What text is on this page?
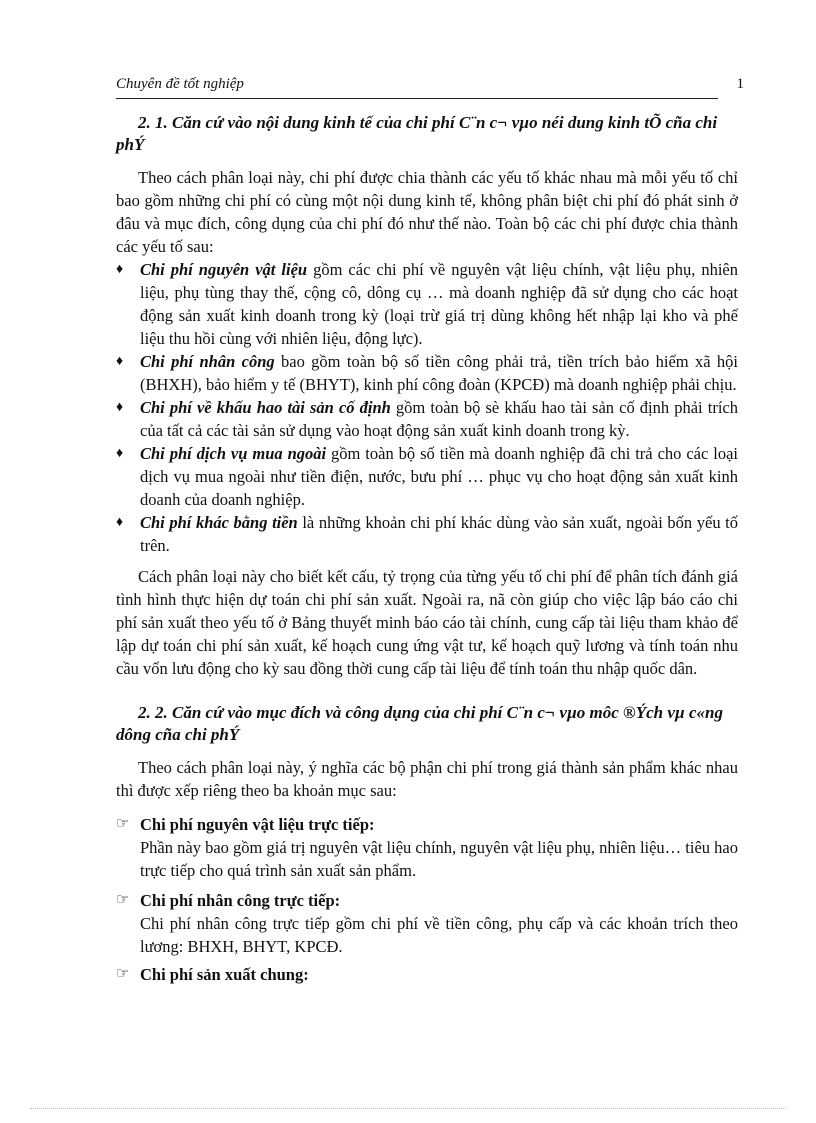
Chuyên đề tốt nghiệp	1

2. 1. Căn cứ vào nội dung kinh tế của chi phí C¨n c¬ vµo néi dung kinh tÕ cña chi phÝ

Theo cách phân loại này, chi phí được chia thành các yếu tố khác nhau mà mỗi yếu tố chỉ bao gồm những chi phí có cùng một nội dung kinh tế, không phân biệt chi phí đó phát sinh ở đâu và mục đích, công dụng của chi phí đó như thế nào. Toàn bộ các chi phí được chia thành các yếu tố sau:

♦ Chi phí nguyên vật liệu gồm các chi phí về nguyên vật liệu chính, vật liệu phụ, nhiên liệu, phụ tùng thay thế, cộng cô, dông cụ … mà doanh nghiệp đã sử dụng cho các hoạt động sản xuất kinh doanh trong kỳ (loại trừ giá trị dùng không hết nhập lại kho và phế liệu thu hồi cùng với nhiên liệu, động lực).

♦ Chi phí nhân công bao gồm toàn bộ số tiền công phải trả, tiền trích bảo hiểm xã hội (BHXH), bảo hiểm y tế (BHYT), kinh phí công đoàn (KPCĐ) mà doanh nghiệp phải chịu.

♦ Chi phí về khấu hao tài sản cố định gồm toàn bộ sè khấu hao tài sản cố định phải trích của tất cả các tài sản sử dụng vào hoạt động sản xuất kinh doanh trong kỳ.

♦ Chi phí dịch vụ mua ngoài gồm toàn bộ số tiền mà doanh nghiệp đã chi trả cho các loại dịch vụ mua ngoài như tiền điện, nước, bưu phí … phục vụ cho hoạt động sản xuất kinh doanh của doanh nghiệp.

♦ Chi phí khác bằng tiền là những khoản chi phí khác dùng vào sản xuất, ngoài bốn yếu tố trên.

Cách phân loại này cho biết kết cấu, tỷ trọng của từng yếu tố chi phí để phân tích đánh giá tình hình thực hiện dự toán chi phí sản xuất. Ngoài ra, nã còn giúp cho việc lập báo cáo chi phí sản xuất theo yếu tố ở Bảng thuyết minh báo cáo tài chính, cung cấp tài liệu tham khảo để lập dự toán chi phí sản xuất, kế hoạch cung ứng vật tư, kế hoạch quỹ lương và tính toán nhu cầu vốn lưu động cho kỳ sau đồng thời cung cấp tài liệu để tính toán thu nhập quốc dân.

2. 2. Căn cứ vào mục đích và công dụng của chi phí C¨n c¬ vµo môc ®Ých vµ c«ng dông cña chi phÝ

Theo cách phân loại này, ý nghĩa các bộ phận chi phí trong giá thành sản phẩm khác nhau thì được xếp riêng theo ba khoản mục sau:

☞ Chi phí nguyên vật liệu trực tiếp:
Phần này bao gồm giá trị nguyên vật liệu chính, nguyên vật liệu phụ, nhiên liệu… tiêu hao trực tiếp cho quá trình sản xuất sản phẩm.
☞ Chi phí nhân công trực tiếp:
Chi phí nhân công trực tiếp gồm chi phí về tiền công, phụ cấp và các khoản trích theo lương: BHXH, BHYT, KPCĐ.
☞ Chi phí sản xuất chung:
